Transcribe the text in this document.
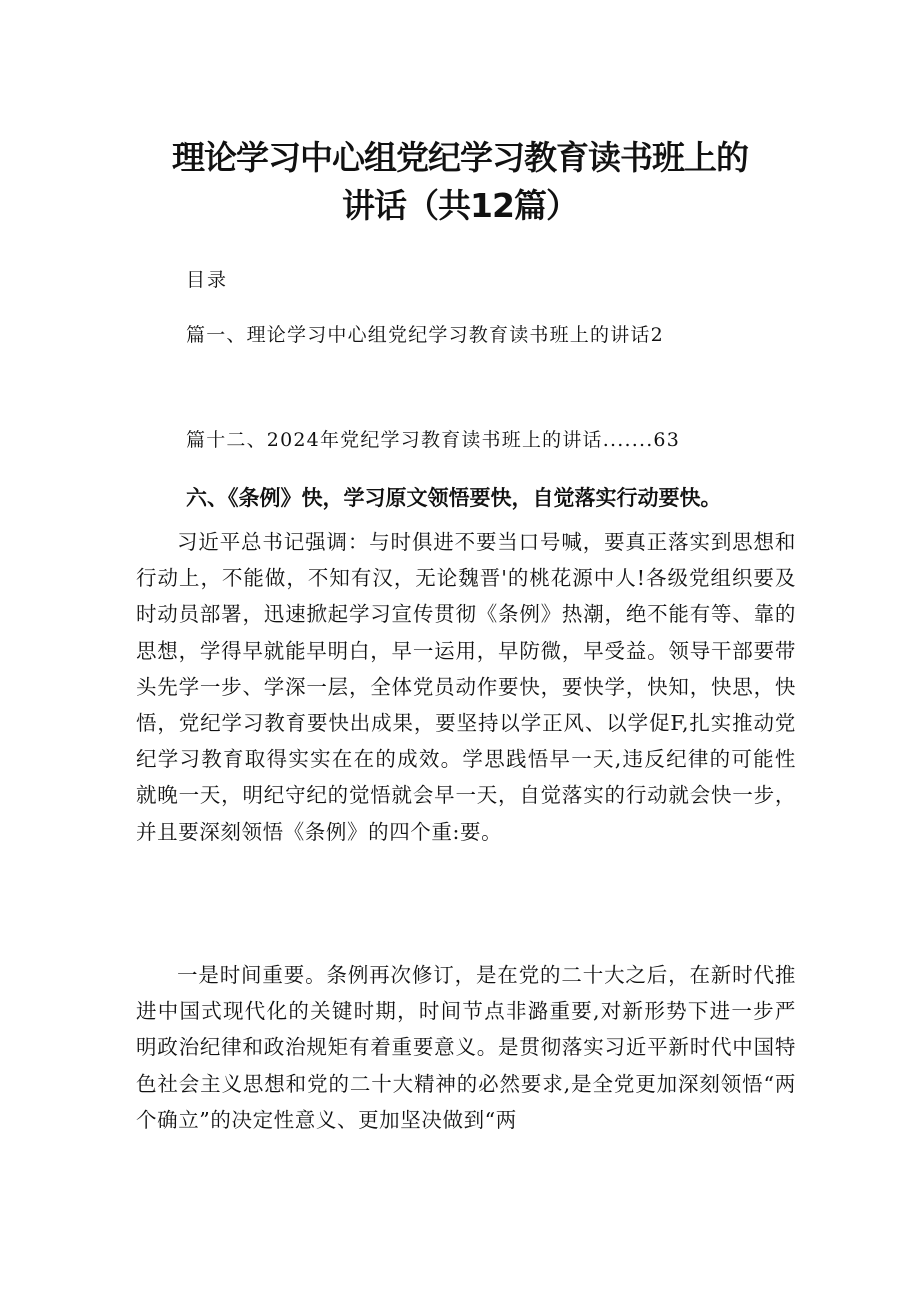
理论学习中心组党纪学习教育读书班上的
讲话（共12篇）
目录
篇一、理论学习中心组党纪学习教育读书班上的讲话2
篇十二、2024年党纪学习教育读书班上的讲话.......63
六、《条例》快，学习原文领悟要快，自觉落实行动要快。

习近平总书记强调：与时俱进不要当口号喊，要真正落实到思想和行动上，不能做，不知有汉，无论魏晋'的桃花源中人!各级党组织要及时动员部署，迅速掀起学习宣传贯彻《条例》热潮，绝不能有等、靠的思想，学得早就能早明白，早一运用，早防微，早受益。领导干部要带头先学一步、学深一层，全体党员动作要快，要快学，快知，快思，快悟，党纪学习教育要快出成果，要坚持以学正风、以学促F,扎实推动党纪学习教育取得实实在在的成效。学思践悟早一天,违反纪律的可能性就晚一天，明纪守纪的觉悟就会早一天，自觉落实的行动就会快一步，并且要深刻领悟《条例》的四个重:要。

一是时间重要。条例再次修订，是在党的二十大之后，在新时代推进中国式现代化的关键时期，时间节点非潞重要,对新形势下进一步严明政治纪律和政治规矩有着重要意义。是贯彻落实习近平新时代中国特色社会主义思想和党的二十大精神的必然要求,是全党更加深刻领悟“两个确立”的决定性意义、更加坚决做到“两
